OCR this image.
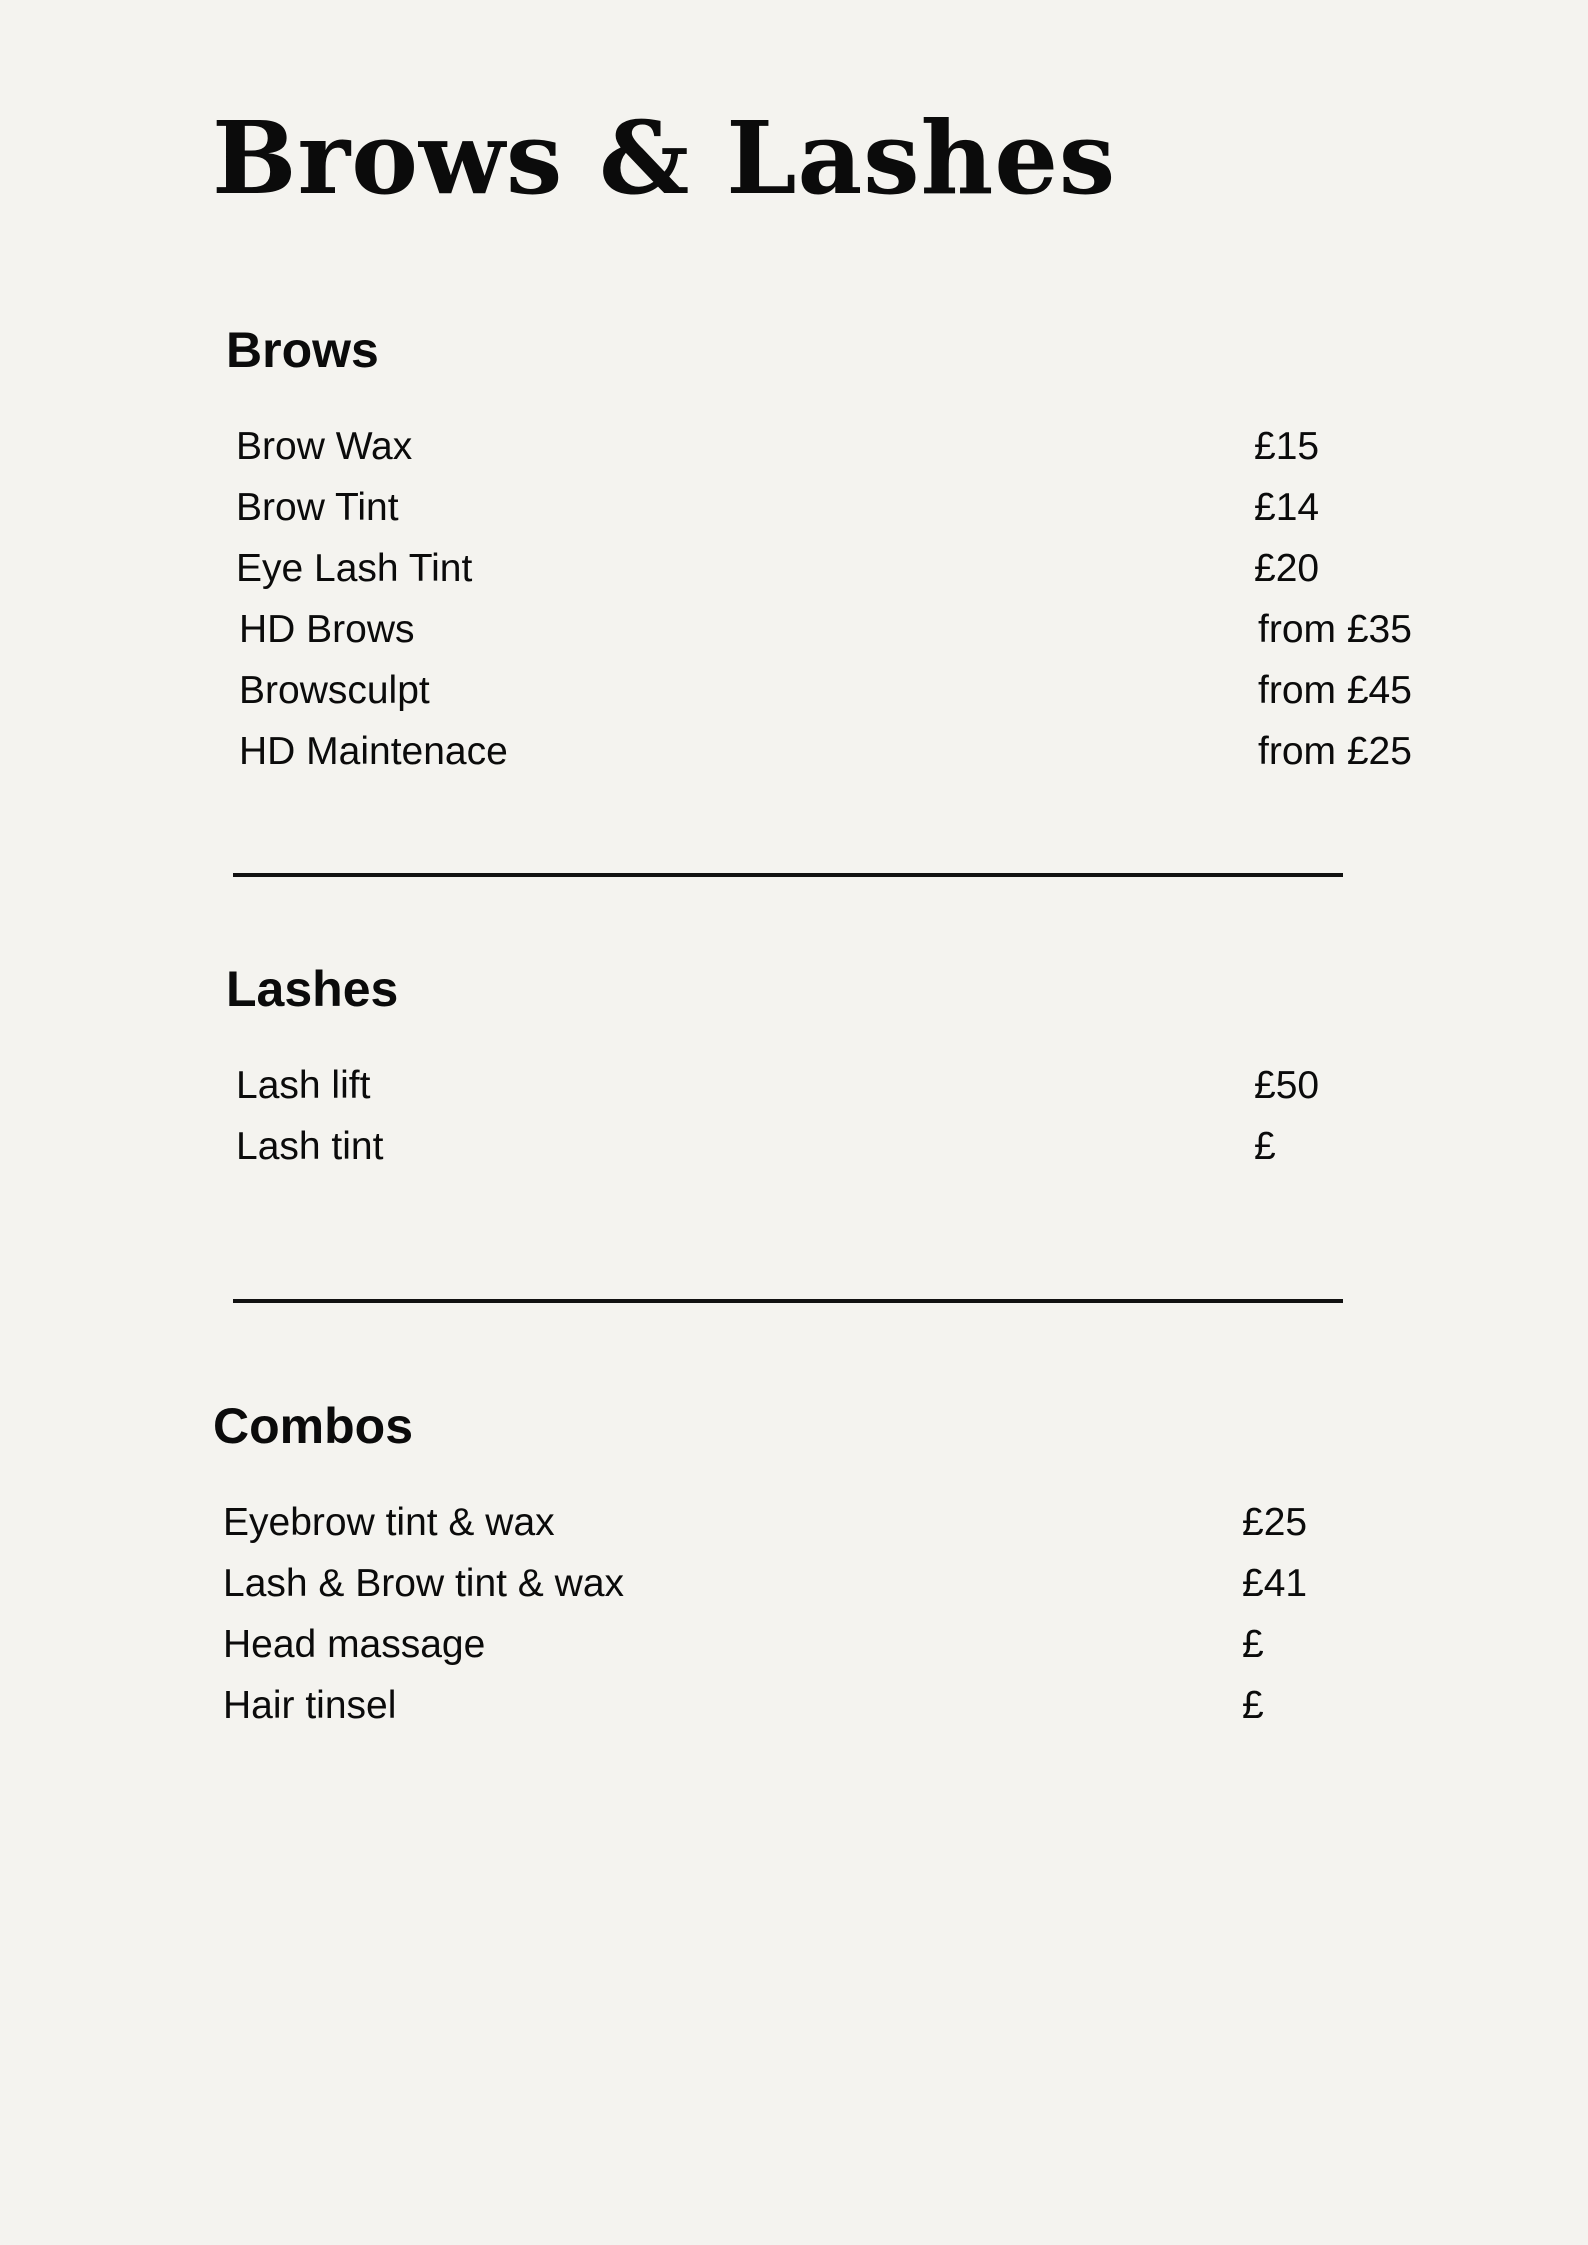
Brows & Lashes
Brows
Brow Wax	£15
Brow Tint	£14
Eye Lash Tint	£20
HD Brows	from £35
Browsculpt	from £45
HD Maintenace	from £25
Lashes
Lash lift	£50
Lash tint	£
Combos
Eyebrow tint & wax	£25
Lash & Brow tint & wax	£41
Head massage	£
Hair tinsel	£
